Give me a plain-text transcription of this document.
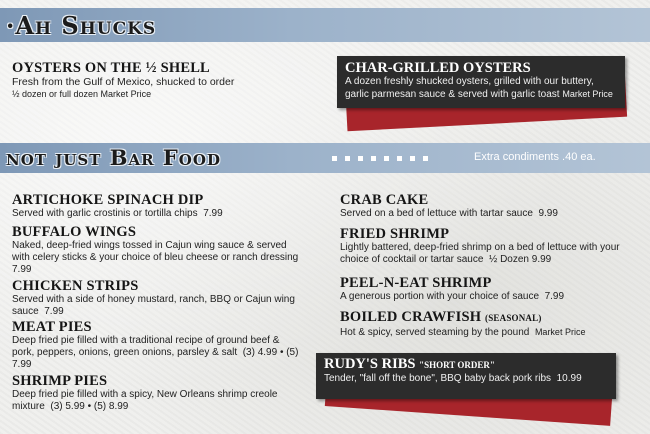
·Ah Shucks
OYSTERS ON THE ½ SHELL
Fresh from the Gulf of Mexico, shucked to order
½ dozen or full dozen Market Price
CHAR-GRILLED OYSTERS
A dozen freshly shucked oysters, grilled with our buttery, garlic parmesan sauce & served with garlic toast Market Price
not just Bar Food	Extra condiments .40 ea.
ARTICHOKE SPINACH DIP
Served with garlic crostinis or tortilla chips 7.99
BUFFALO WINGS
Naked, deep-fried wings tossed in Cajun wing sauce & served with celery sticks & your choice of bleu cheese or ranch dressing  7.99
CHICKEN STRIPS
Served with a side of honey mustard, ranch, BBQ or Cajun wing sauce 7.99
MEAT PIES
Deep fried pie filled with a traditional recipe of ground beef & pork, peppers, onions, green onions, parsley & salt (3) 4.99 • (5) 7.99
SHRIMP PIES
Deep fried pie filled with a spicy, New Orleans shrimp creole mixture (3) 5.99 • (5) 8.99
CRAB CAKE
Served on a bed of lettuce with tartar sauce 9.99
FRIED SHRIMP
Lightly battered, deep-fried shrimp on a bed of lettuce with your choice of cocktail or tartar sauce ½ Dozen 9.99
PEEL-N-EAT SHRIMP
A generous portion with your choice of sauce 7.99
BOILED CRAWFISH (SEASONAL)
Hot & spicy, served steaming by the pound Market Price
RUDY'S RIBS "SHORT ORDER"
Tender, "fall off the bone", BBQ baby back pork ribs 10.99
